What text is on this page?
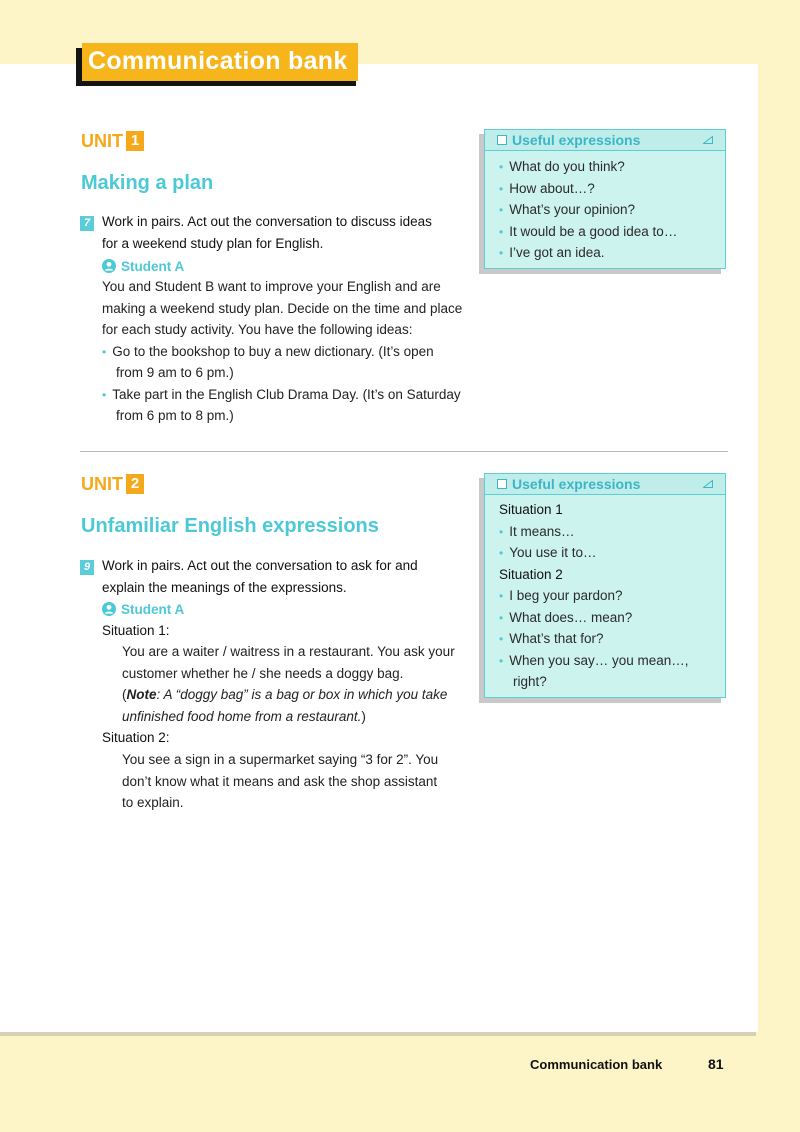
Communication bank
UNIT 1
Making a plan
7 Work in pairs. Act out the conversation to discuss ideas
for a weekend study plan for English.
Student A
You and Student B want to improve your English and are
making a weekend study plan. Decide on the time and place
for each study activity. You have the following ideas:
• Go to the bookshop to buy a new dictionary. (It’s open
from 9 am to 6 pm.)
• Take part in the English Club Drama Day. (It’s on Saturday
from 6 pm to 8 pm.)
Useful expressions
• What do you think?
• How about…?
• What’s your opinion?
• It would be a good idea to…
• I’ve got an idea.
UNIT 2
Unfamiliar English expressions
9 Work in pairs. Act out the conversation to ask for and
explain the meanings of the expressions.
Student A
Situation 1:
You are a waiter / waitress in a restaurant. You ask your
customer whether he / she needs a doggy bag.
(Note: A “doggy bag” is a bag or box in which you take
unfinished food home from a restaurant.)
Situation 2:
You see a sign in a supermarket saying “3 for 2”. You
don’t know what it means and ask the shop assistant
to explain.
Useful expressions
Situation 1
• It means…
• You use it to…
Situation 2
• I beg your pardon?
• What does… mean?
• What’s that for?
• When you say… you mean…,
right?
Communication bank	81
